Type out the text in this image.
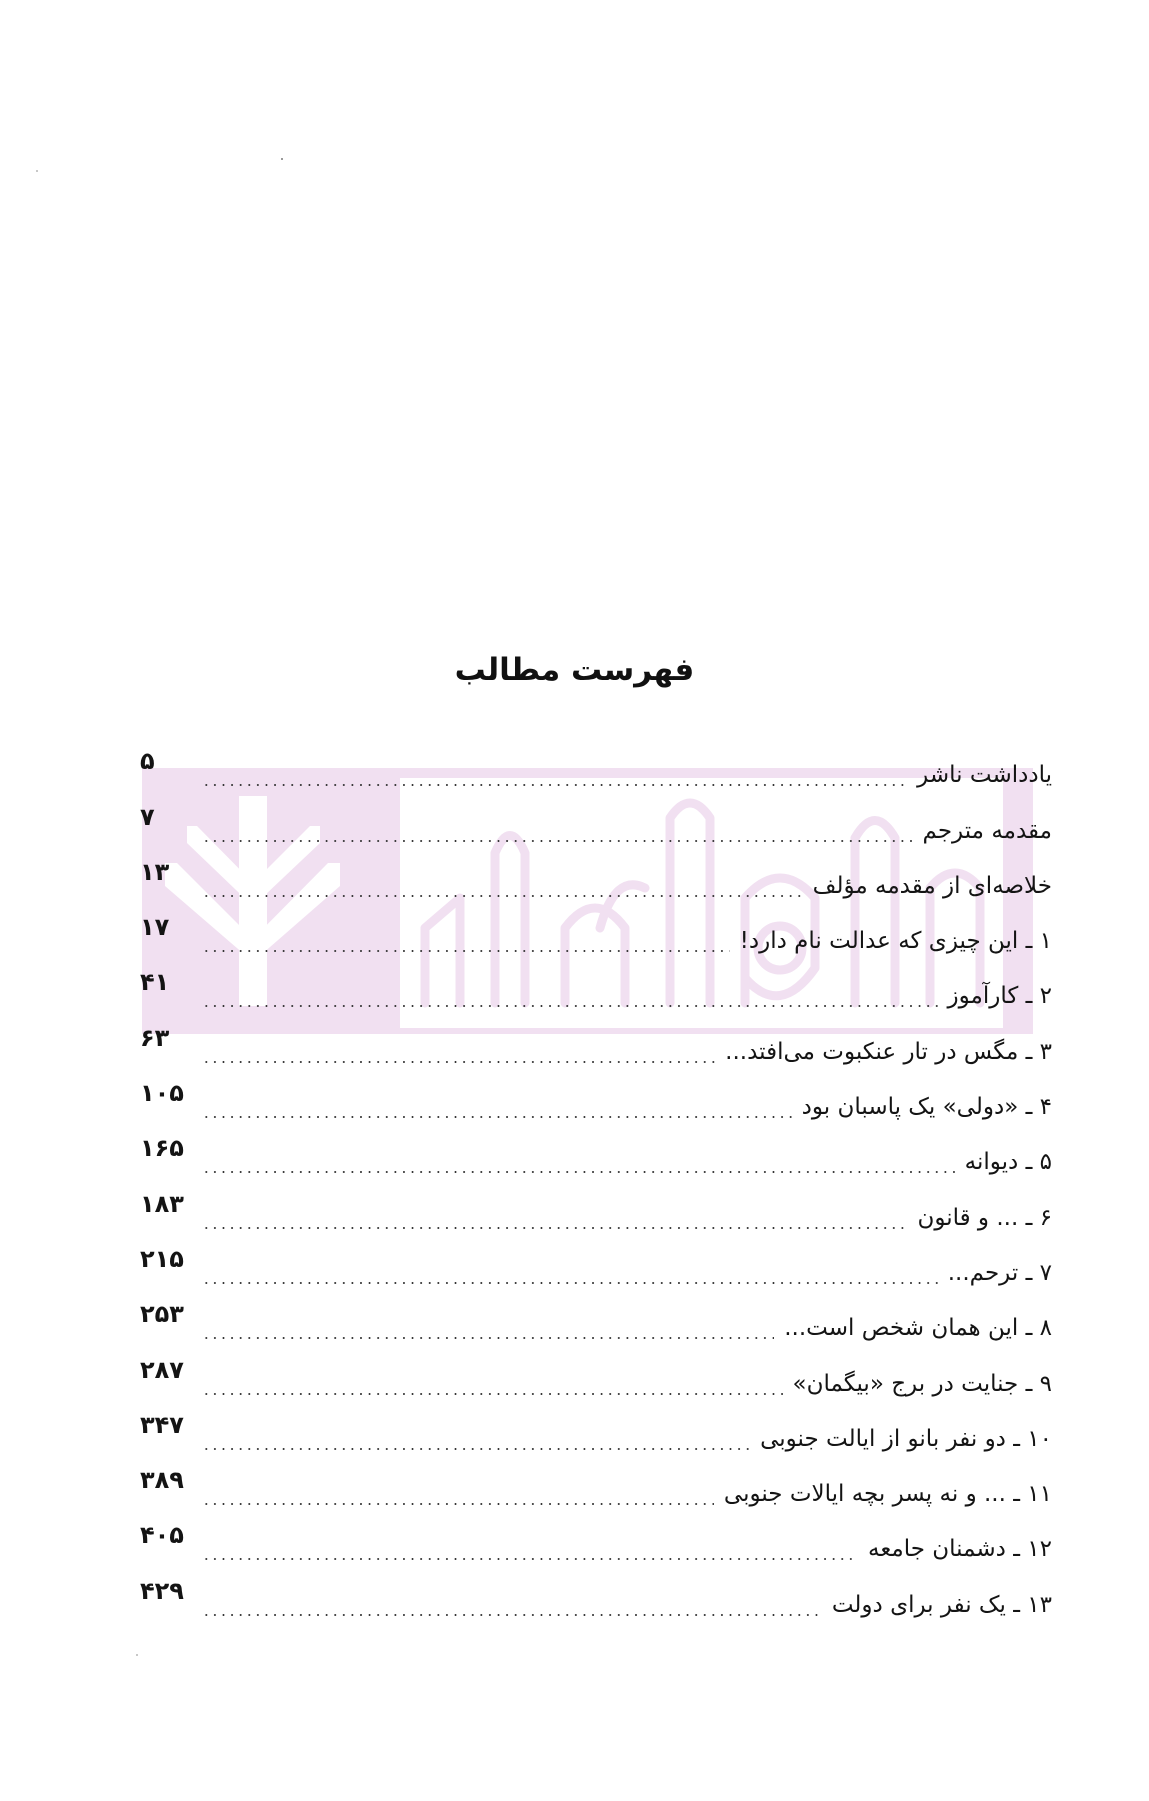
فهرست مطالب
یادداشت ناشر
۵
مقدمه مترجم
۷
خلاصه‌ای از مقدمه مؤلف
۱۳
۱ ـ این چیزی که عدالت نام دارد!
۱۷
۲ ـ کارآموز
۴۱
۳ ـ مگس در تار عنکبوت می‌افتد...
۶۳
۴ ـ «دولی» یک پاسبان بود
۱۰۵
۵ ـ دیوانه
۱۶۵
۶ ـ ... و قانون
۱۸۳
۷ ـ ترحم...
۲۱۵
۸ ـ این همان شخص است...
۲۵۳
۹ ـ جنایت در برج «بیگمان»
۲۸۷
۱۰ ـ دو نفر بانو از ایالت جنوبی
۳۴۷
۱۱ ـ ... و نه پسر بچه ایالات جنوبی
۳۸۹
۱۲ ـ دشمنان جامعه
۴۰۵
۱۳ ـ یک نفر برای دولت
۴۲۹
